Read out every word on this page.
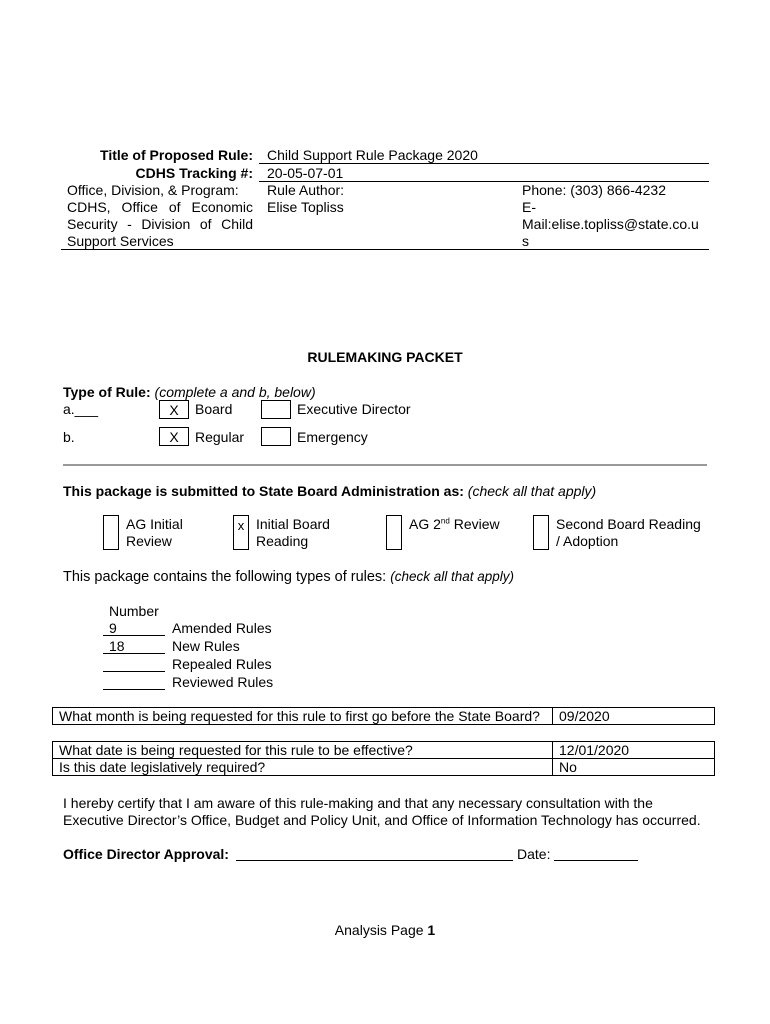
Title of Proposed Rule: Child Support Rule Package 2020
CDHS Tracking #: 20-05-07-01
Office, Division, & Program:
CDHS, Office of Economic Security - Division of Child Support Services
Rule Author:
Elise Topliss
Phone: (303) 866-4232
E-
Mail:elise.topliss@state.co.u
s
RULEMAKING PACKET
Type of Rule: (complete a and b, below)
a.___	X	Board	Executive Director
b.	X	Regular	Emergency
This package is submitted to State Board Administration as: (check all that apply)
AG Initial
Review
x Initial Board
Reading
AG 2nd Review	Second Board Reading
/ Adoption
This package contains the following types of rules: (check all that apply)
Number
9	Amended Rules
18	New Rules
Repealed Rules
Reviewed Rules
What month is being requested for this rule to first go before the State Board?	09/2020
What date is being requested for this rule to be effective?	12/01/2020
Is this date legislatively required?	No
I hereby certify that I am aware of this rule-making and that any necessary consultation with the
Executive Director’s Office, Budget and Policy Unit, and Office of Information Technology has occurred.
Office Director Approval:	Date:
Analysis Page 1
